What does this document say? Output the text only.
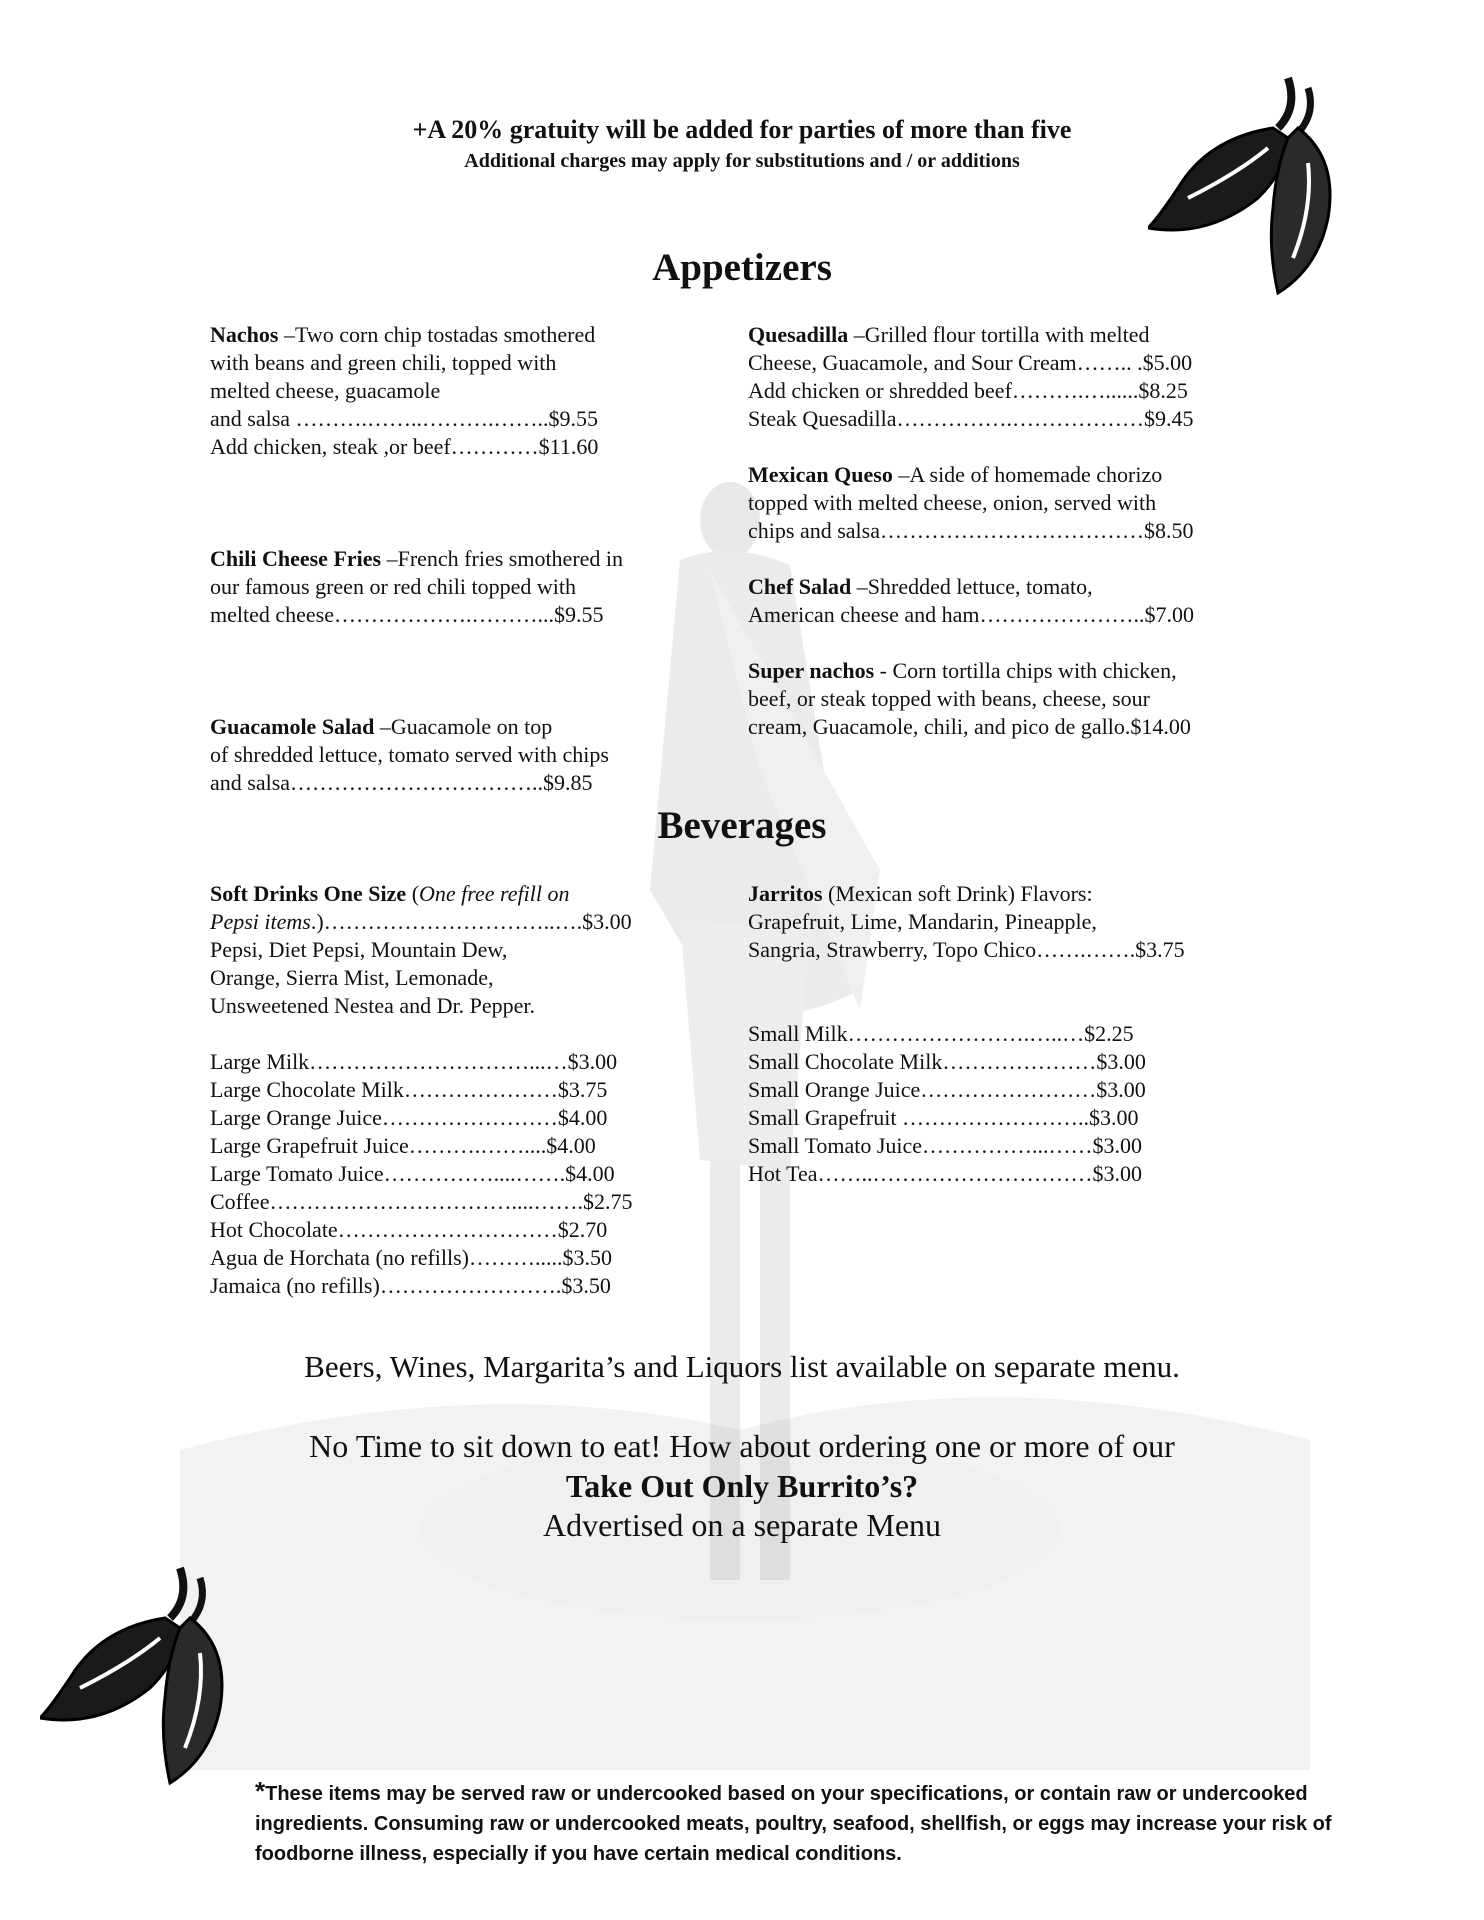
+A 20% gratuity will be added for parties of more than five
Additional charges may apply for substitutions and / or additions
Appetizers
Nachos –Two corn chip tostadas smothered
with beans and green chili, topped with
melted cheese, guacamole
and salsa ……….……..……….……..$9.55
Add chicken, steak ,or beef…………$11.60
Chili Cheese Fries –French fries smothered in
our famous green or red chili topped with
melted cheese……………….………...$9.55
Guacamole Salad –Guacamole on top
of shredded lettuce, tomato served with chips
and salsa……………………………..$9.85
Quesadilla –Grilled flour tortilla with melted
Cheese, Guacamole, and Sour Cream…….. .$5.00
Add chicken or shredded beef……….…......$8.25
Steak Quesadilla…………….………………$9.45
Mexican Queso –A side of homemade chorizo
topped with melted cheese, onion, served with
chips and salsa………………………………$8.50
Chef Salad –Shredded lettuce, tomato,
American cheese and ham…………………..$7.00
Super nachos - Corn tortilla chips with chicken,
beef, or steak topped with beans, cheese, sour
cream, Guacamole, chili, and pico de gallo.$14.00
Beverages
Soft Drinks One Size (One free refill on
Pepsi items.)…………………………..….$3.00
Pepsi, Diet Pepsi, Mountain Dew,
Orange, Sierra Mist, Lemonade,
Unsweetened Nestea and Dr. Pepper.
Large Milk…………………………...…$3.00
Large Chocolate Milk…………………$3.75
Large Orange Juice……………………$4.00
Large Grapefruit Juice……….……....$4.00
Large Tomato Juice……………....…….$4.00
Coffee……………………………....…….$2.75
Hot Chocolate…………………………$2.70
Agua de Horchata (no refills)……….....$3.50
Jamaica (no refills)…………………….$3.50
Jarritos (Mexican soft Drink) Flavors:
Grapefruit, Lime, Mandarin, Pineapple,
Sangria, Strawberry, Topo Chico…….…….$3.75
Small Milk…………………….…..…$2.25
Small Chocolate Milk…………………$3.00
Small Orange Juice……………………$3.00
Small Grapefruit ……………………..$3.00
Small Tomato Juice……………...……$3.00
Hot Tea……..…………………………$3.00
Beers, Wines, Margarita’s and Liquors list available on separate menu.
No Time to sit down to eat! How about ordering one or more of our
Take Out Only Burrito’s?
Advertised on a separate Menu
*These items may be served raw or undercooked based on your specifications, or contain raw or undercooked ingredients. Consuming raw or undercooked meats, poultry, seafood, shellfish, or eggs may increase your risk of foodborne illness, especially if you have certain medical conditions.
